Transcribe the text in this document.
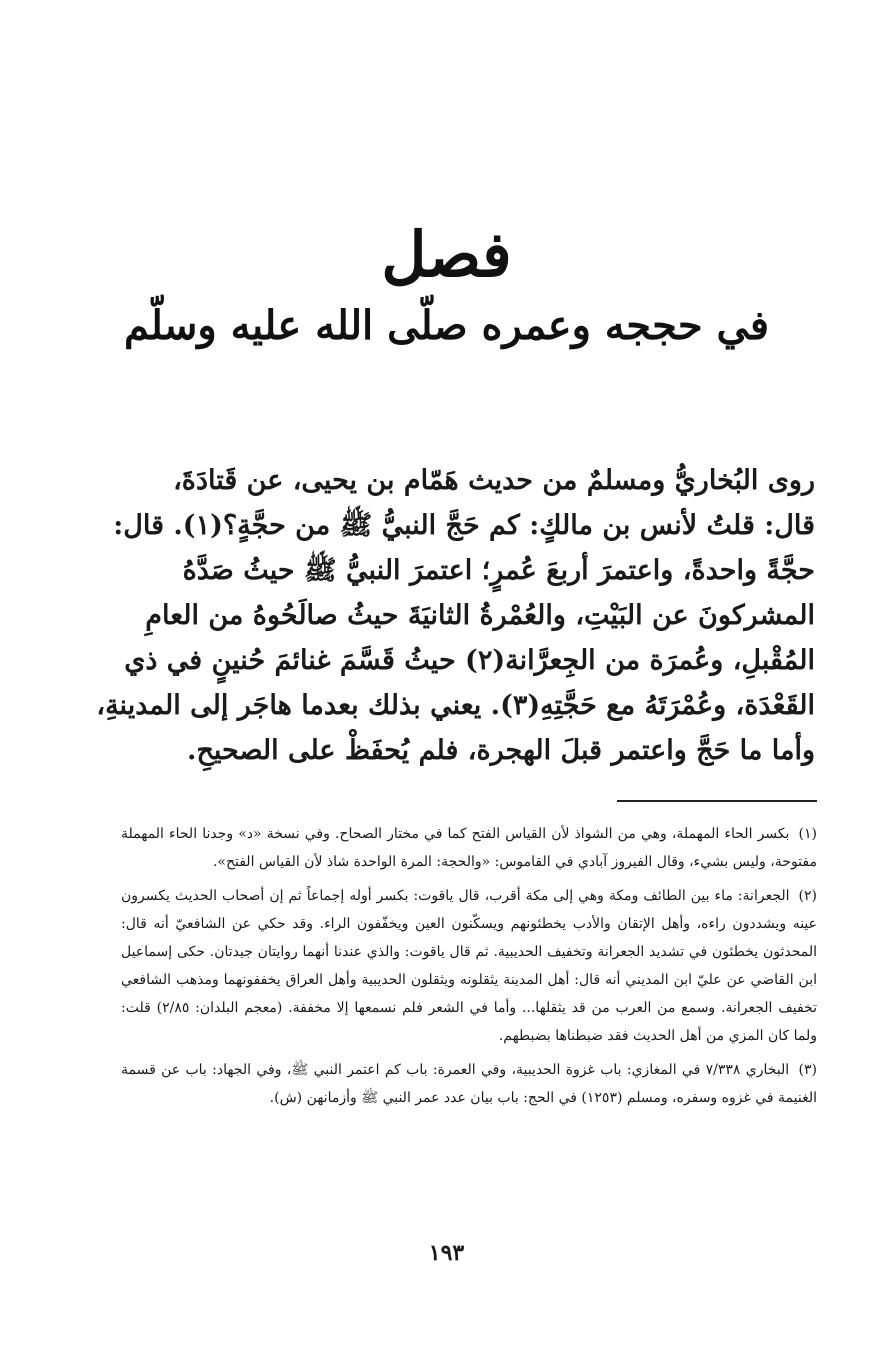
فصل
في حججه وعمره صلّى الله عليه وسلّم
روى البُخاريُّ ومسلمٌ من حديث هَمّام بن يحيى، عن قَتادَةَ،
قال: قلتُ لأنس بن مالكٍ: كم حَجَّ النبيُّ ﷺ من حجَّةٍ؟(١). قال:
حجَّةً واحدةً، واعتمرَ أربعَ عُمرٍ؛ اعتمرَ النبيُّ ﷺ حيثُ صَدَّهُ
المشركونَ عن البَيْتِ، والعُمْرةُ الثانيَةَ حيثُ صالَحُوهُ من العامِ
المُقْبلِ، وعُمرَة من الجِعرَّانة(٢) حيثُ قَسَّمَ غنائمَ حُنينٍ في ذي
القَعْدَة، وعُمْرَتَهُ مع حَجَّتِهِ(٣). يعني بذلك بعدما هاجَر إلى المدينةِ،
وأما ما حَجَّ واعتمر قبلَ الهجرة، فلم يُحفَظْ على الصحيحِ.

(١) بكسر الحاء المهملة، وهي من الشواذ لأن القياس الفتح كما في مختار الصحاح. وفي نسخة «د» وجدنا الحاء المهملة مفتوحة، وليس بشيء، وقال الفيروز آبادي في القاموس: «والحجة: المرة الواحدة شاذ لأن القياس الفتح».

(٢) الجعرانة: ماء بين الطائف ومكة وهي إلى مكة أقرب، قال ياقوت: بكسر أوله إجماعاً ثم إن أصحاب الحديث يكسرون عينه ويشددون راءه، وأهل الإتقان والأدب يخطئونهم ويسكّنون العين ويخفّفون الراء. وقد حكي عن الشافعيّ أنه قال: المحدثون يخطئون في تشديد الجعرانة وتخفيف الحديبية. ثم قال ياقوت: والذي عندنا أنهما روايتان جيدتان. حكى إسماعيل ابن القاضي عن عليّ ابن المديني أنه قال: أهل المدينة يثقلونه ويثقلون الحديبية وأهل العراق يخففونهما ومذهب الشافعي تخفيف الجعرانة. وسمع من العرب من قد يثقلها... وأما في الشعر فلم نسمعها إلا مخففة. (معجم البلدان: ٢/٨٥) قلت: ولما كان المزي من أهل الحديث فقد ضبطناها بضبطهم.

(٣) البخاري ٧/٣٣٨ في المغازي: باب غزوة الحديبية، وفي العمرة: باب كم اعتمر النبي ﷺ، وفي الجهاد: باب عن قسمة الغنيمة في غزوه وسفره، ومسلم (١٢٥٣) في الحج: باب بيان عدد عمر النبي ﷺ وأزمانهن (ش).

١٩٣
